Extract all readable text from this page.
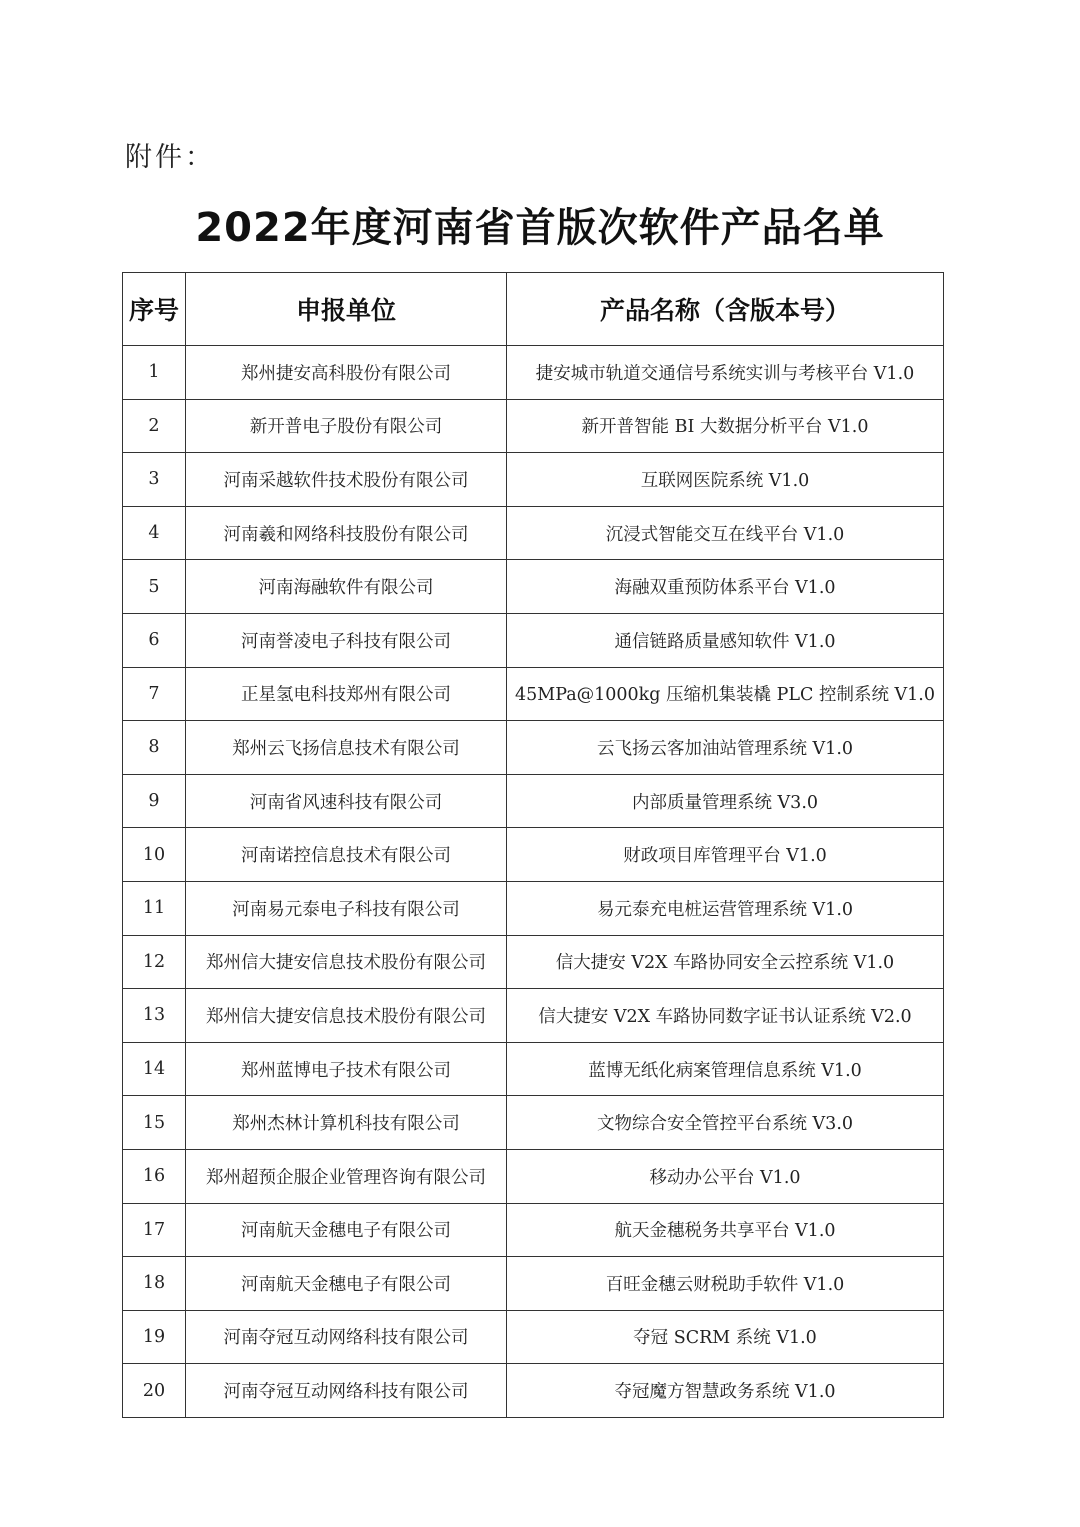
附件：
2022年度河南省首版次软件产品名单
序号	申报单位	产品名称（含版本号）
1	郑州捷安高科股份有限公司	捷安城市轨道交通信号系统实训与考核平台 V1.0
2	新开普电子股份有限公司	新开普智能 BI 大数据分析平台 V1.0
3	河南采越软件技术股份有限公司	互联网医院系统 V1.0
4	河南羲和网络科技股份有限公司	沉浸式智能交互在线平台 V1.0
5	河南海融软件有限公司	海融双重预防体系平台 V1.0
6	河南誉凌电子科技有限公司	通信链路质量感知软件 V1.0
7	正星氢电科技郑州有限公司	45MPa@1000kg 压缩机集装橇 PLC 控制系统 V1.0
8	郑州云飞扬信息技术有限公司	云飞扬云客加油站管理系统 V1.0
9	河南省风速科技有限公司	内部质量管理系统 V3.0
10	河南诺控信息技术有限公司	财政项目库管理平台 V1.0
11	河南易元泰电子科技有限公司	易元泰充电桩运营管理系统 V1.0
12	郑州信大捷安信息技术股份有限公司	信大捷安 V2X 车路协同安全云控系统 V1.0
13	郑州信大捷安信息技术股份有限公司	信大捷安 V2X 车路协同数字证书认证系统 V2.0
14	郑州蓝博电子技术有限公司	蓝博无纸化病案管理信息系统 V1.0
15	郑州杰林计算机科技有限公司	文物综合安全管控平台系统 V3.0
16	郑州超预企服企业管理咨询有限公司	移动办公平台 V1.0
17	河南航天金穗电子有限公司	航天金穗税务共享平台 V1.0
18	河南航天金穗电子有限公司	百旺金穗云财税助手软件 V1.0
19	河南夺冠互动网络科技有限公司	夺冠 SCRM 系统 V1.0
20	河南夺冠互动网络科技有限公司	夺冠魔方智慧政务系统 V1.0
